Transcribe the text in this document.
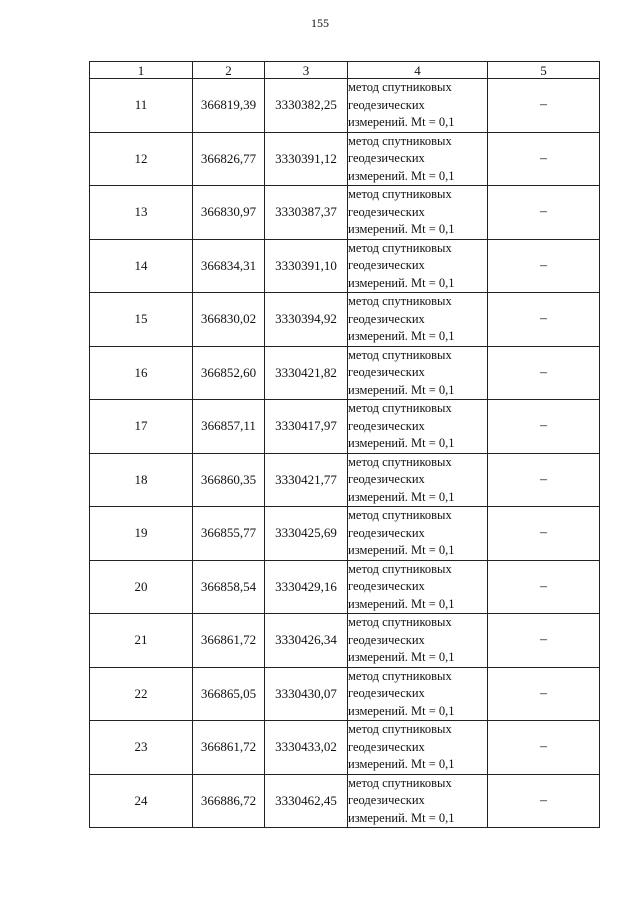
155
1	2	3	4	5
11	366819,39	3330382,25	метод спутниковых
геодезических
измерений. Mt = 0,1	–
12	366826,77	3330391,12	метод спутниковых
геодезических
измерений. Mt = 0,1	–
13	366830,97	3330387,37	метод спутниковых
геодезических
измерений. Mt = 0,1	–
14	366834,31	3330391,10	метод спутниковых
геодезических
измерений. Mt = 0,1	–
15	366830,02	3330394,92	метод спутниковых
геодезических
измерений. Mt = 0,1	–
16	366852,60	3330421,82	метод спутниковых
геодезических
измерений. Mt = 0,1	–
17	366857,11	3330417,97	метод спутниковых
геодезических
измерений. Mt = 0,1	–
18	366860,35	3330421,77	метод спутниковых
геодезических
измерений. Mt = 0,1	–
19	366855,77	3330425,69	метод спутниковых
геодезических
измерений. Mt = 0,1	–
20	366858,54	3330429,16	метод спутниковых
геодезических
измерений. Mt = 0,1	–
21	366861,72	3330426,34	метод спутниковых
геодезических
измерений. Mt = 0,1	–
22	366865,05	3330430,07	метод спутниковых
геодезических
измерений. Mt = 0,1	–
23	366861,72	3330433,02	метод спутниковых
геодезических
измерений. Mt = 0,1	–
24	366886,72	3330462,45	метод спутниковых
геодезических
измерений. Mt = 0,1	–
